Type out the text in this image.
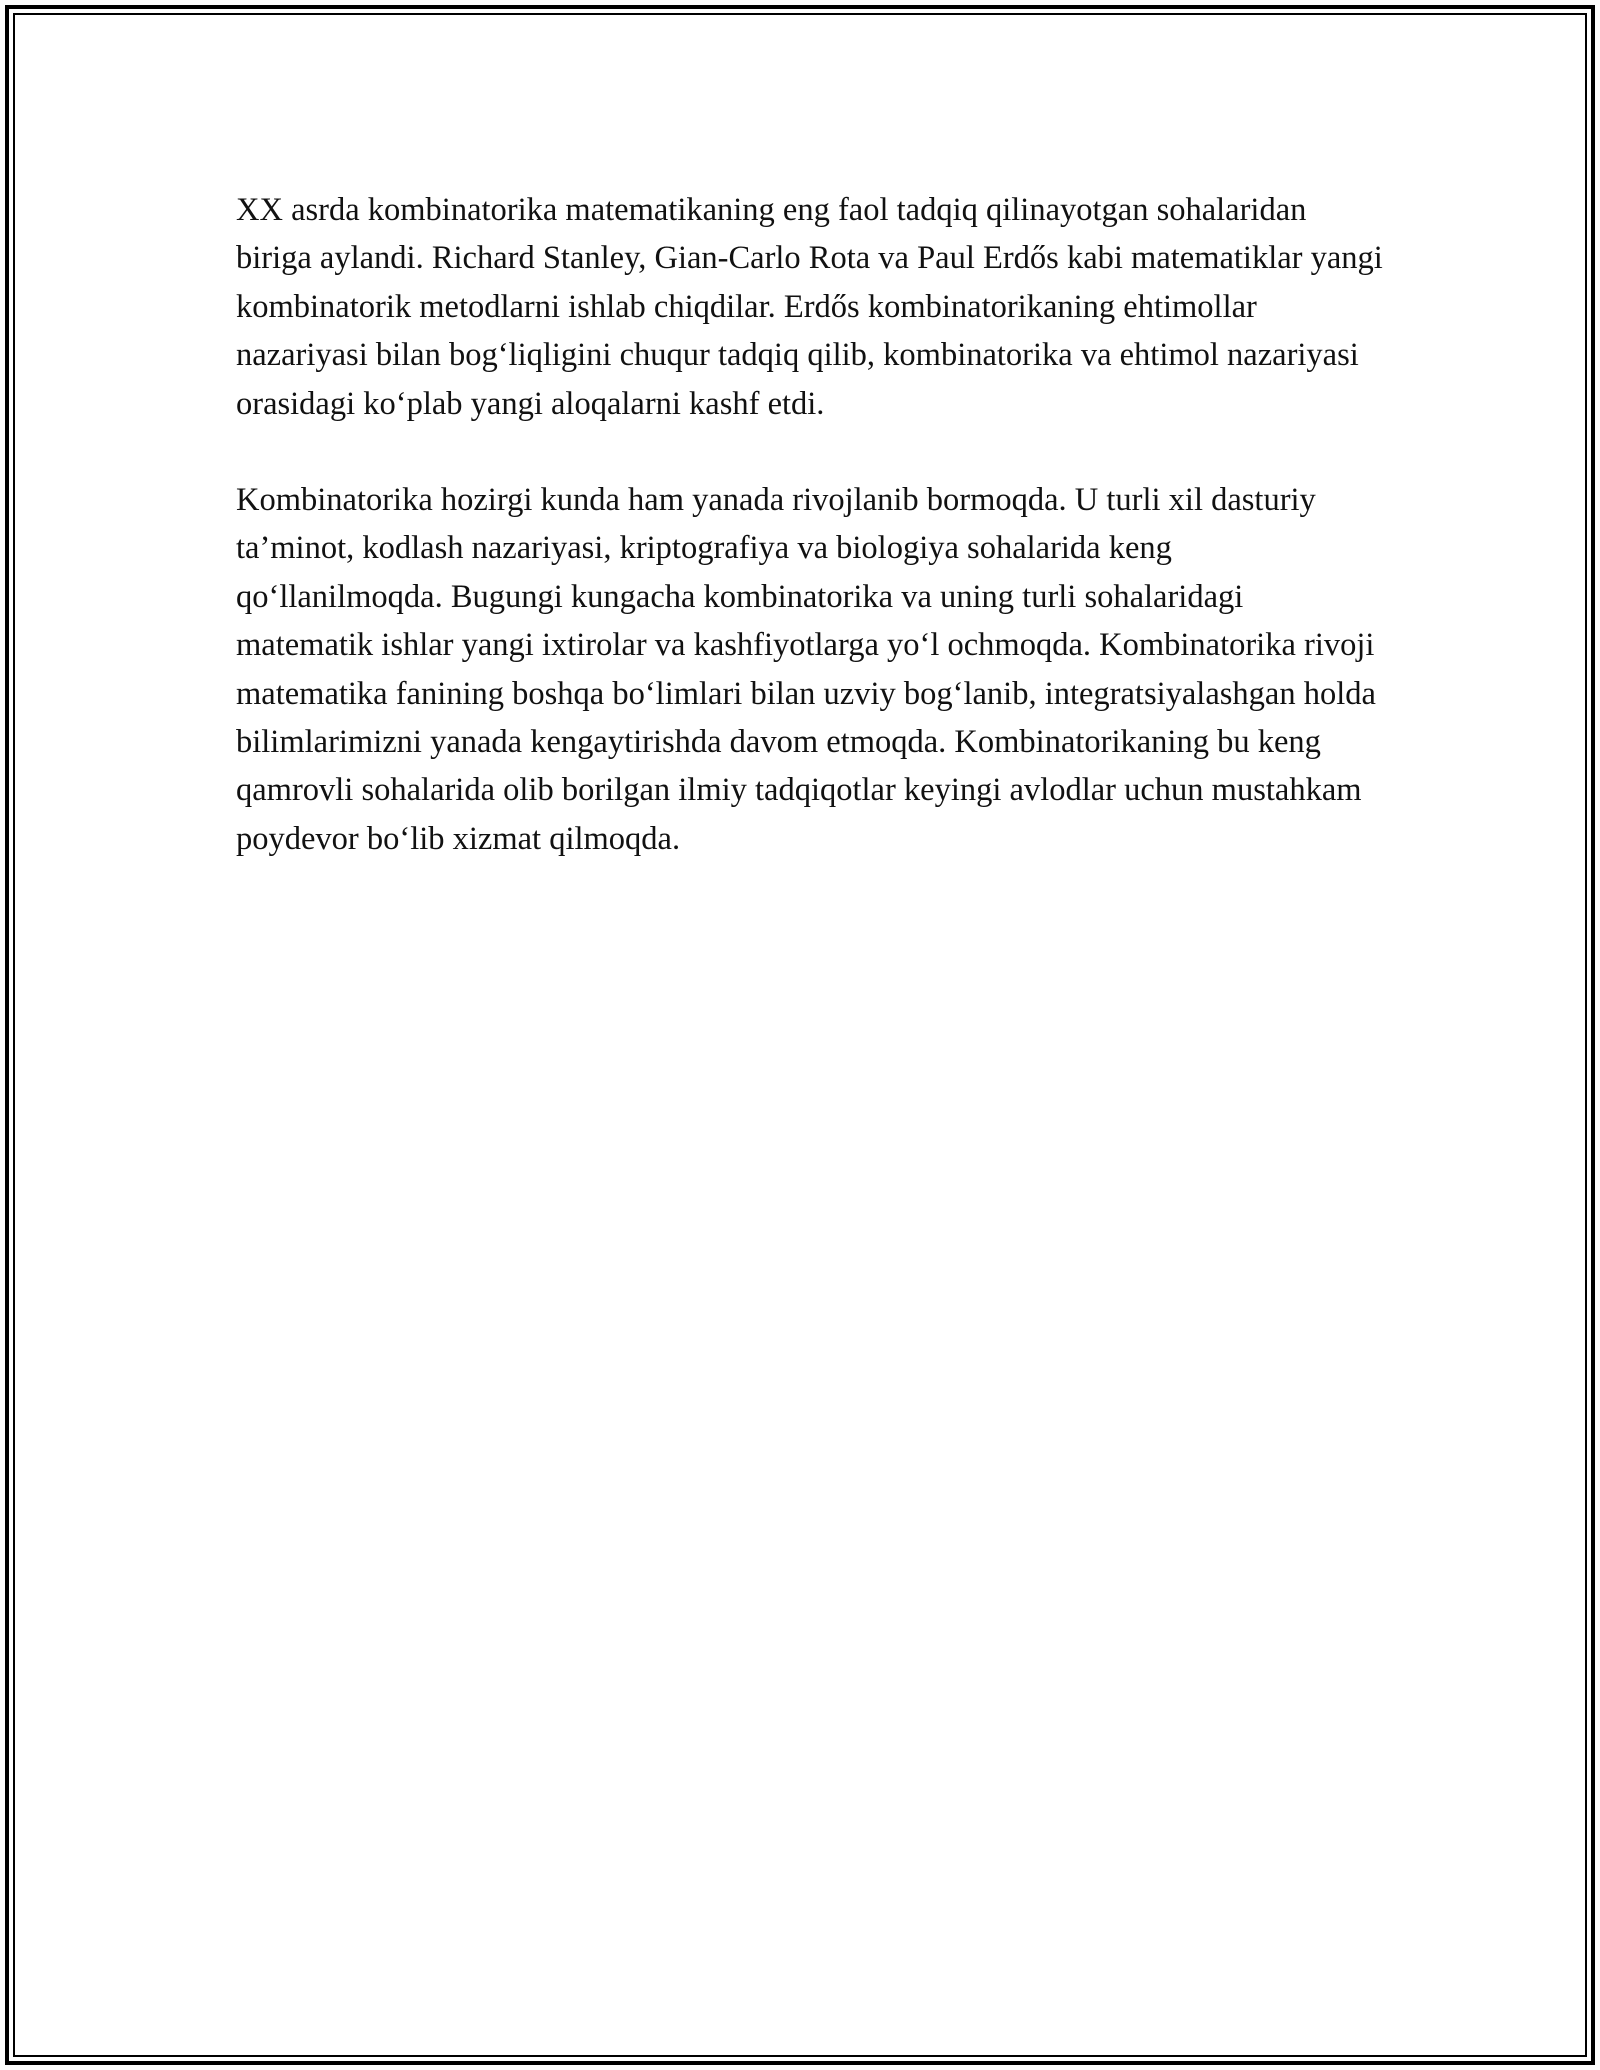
XX asrda kombinatorika matematikaning eng faol tadqiq qilinayotgan sohalaridan biriga aylandi. Richard Stanley, Gian-Carlo Rota va Paul Erdős kabi matematiklar yangi kombinatorik metodlarni ishlab chiqdilar. Erdős kombinatorikaning ehtimollar nazariyasi bilan bog‘liqligini chuqur tadqiq qilib, kombinatorika va ehtimol nazariyasi orasidagi ko‘plab yangi aloqalarni kashf etdi.

Kombinatorika hozirgi kunda ham yanada rivojlanib bormoqda. U turli xil dasturiy ta’minot, kodlash nazariyasi, kriptografiya va biologiya sohalarida keng qo‘llanilmoqda. Bugungi kungacha kombinatorika va uning turli sohalaridagi matematik ishlar yangi ixtirolar va kashfiyotlarga yo‘l ochmoqda. Kombinatorika rivoji matematika fanining boshqa bo‘limlari bilan uzviy bog‘lanib, integratsiyalashgan holda bilimlarimizni yanada kengaytirishda davom etmoqda. Kombinatorikaning bu keng qamrovli sohalarida olib borilgan ilmiy tadqiqotlar keyingi avlodlar uchun mustahkam poydevor bo‘lib xizmat qilmoqda.
